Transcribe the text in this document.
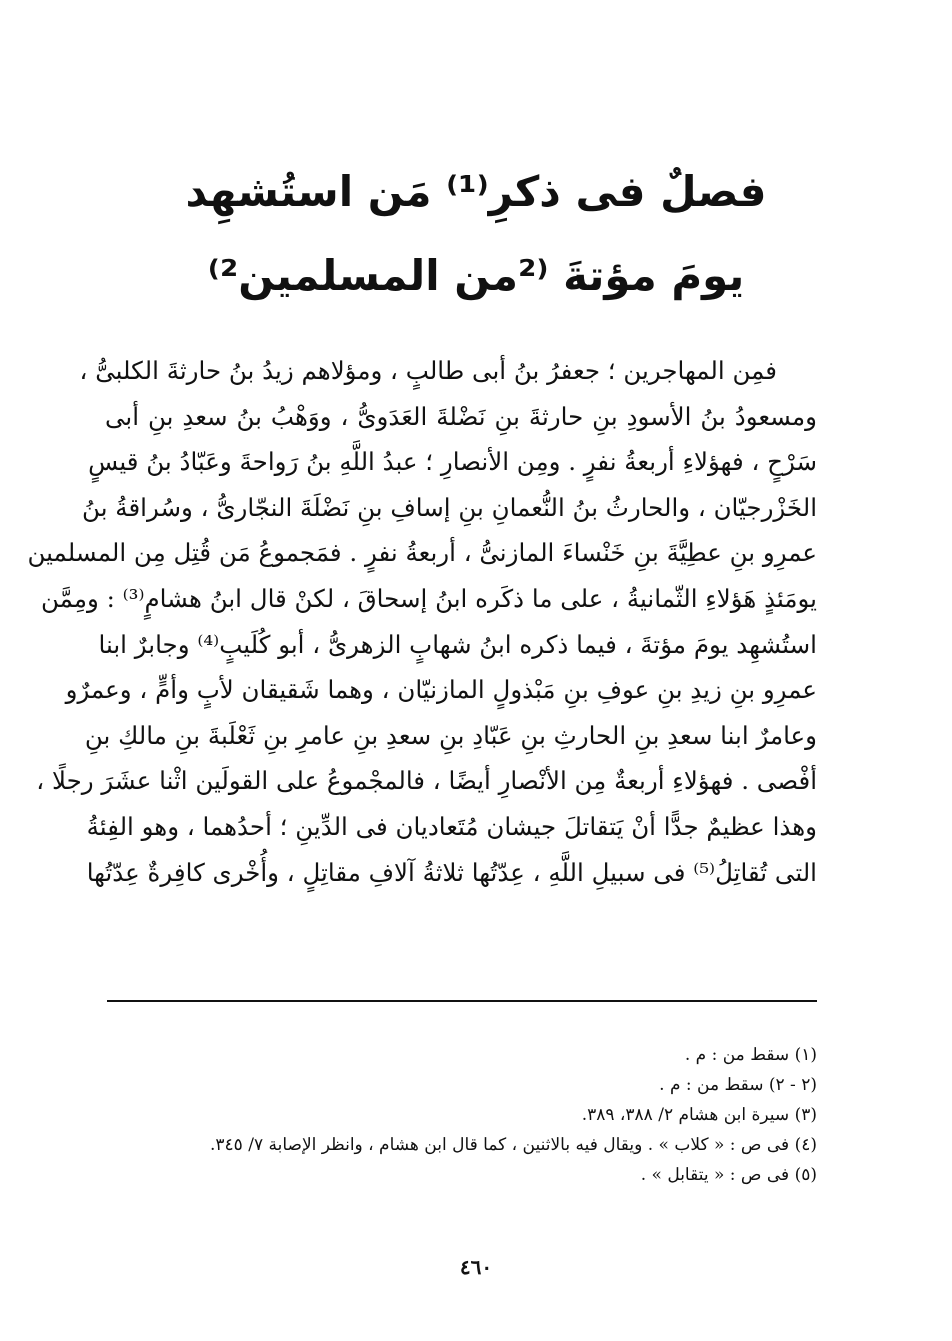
فصلٌ فى ذكرِ⁽¹⁾ مَن استُشهِد
يومَ مؤتةَ ⁽²من المسلمين²⁾
فمِن المهاجرين ؛ جعفرُ بنُ أبى طالبٍ ، ومؤلاهم زيدُ بنُ حارثةَ الكلبىُّ ،
ومسعودُ بنُ الأسودِ بنِ حارثةَ بنِ نَضْلةَ العَدَوىُّ ، ووَهْبُ بنُ سعدِ بنِ أبى
سَرْحٍ ، فهؤلاءِ أربعةُ نفرٍ . ومِن الأنصارِ ؛ عبدُ اللَّهِ بنُ رَواحةَ وعَبّادُ بنُ قيسٍ
الخَزْرجيّان ، والحارثُ بنُ النُّعمانِ بنِ إسافِ بنِ نَضْلَةَ النجّارىُّ ، وسُراقةُ بنُ
عمرِو بنِ عطِيَّةَ بنِ خَنْساءَ المازنىُّ ، أربعةُ نفرٍ . فمَجموعُ مَن قُتِل مِن المسلمين
يومَئذٍ هَؤلاءِ الثّمانيةُ ، على ما ذكَره ابنُ إسحاقَ ، لكنْ قال ابنُ هشامٍ⁽³⁾ : ومِمَّن
استُشهِد يومَ مؤتةَ ، فيما ذكره ابنُ شهابٍ الزهرىُّ ، أبو كُلَيبٍ⁽⁴⁾ وجابرٌ ابنا
عمرِو بنِ زيدِ بنِ عوفِ بنِ مَبْذولٍ المازنيّان ، وهما شَقيقان لأبٍ وأمٍّ ، وعمرٌو
وعامرٌ ابنا سعدِ بنِ الحارثِ بنِ عَبّادِ بنِ سعدِ بنِ عامرِ بنِ ثَعْلَبةَ بنِ مالكِ بنِ
أفْصى . فهؤلاءِ أربعةٌ مِن الأنْصارِ أيضًا ، فالمجْموعُ على القولَين اثْنا عشَرَ رجلًا ،
وهذا عظيمٌ جدًّا أنْ يَتقاتلَ جيشان مُتَعاديان فى الدِّينِ ؛ أحدُهما ، وهو الفِئةُ
التى تُقاتِلُ⁽⁵⁾ فى سبيلِ اللَّهِ ، عِدّتُها ثلاثةُ آلافِ مقاتِلٍ ، وأُخْرى كافِرةٌ عِدّتُها
(١) سقط من : م .
(٢ - ٢) سقط من : م .
(٣) سيرة ابن هشام ٢/ ٣٨٨، ٣٨٩.
(٤) فى ص : « كلاب » . ويقال فيه بالاثنين ، كما قال ابن هشام ، وانظر الإصابة ٧/ ٣٤٥.
(٥) فى ص : « يتقابل » .
٤٦٠
